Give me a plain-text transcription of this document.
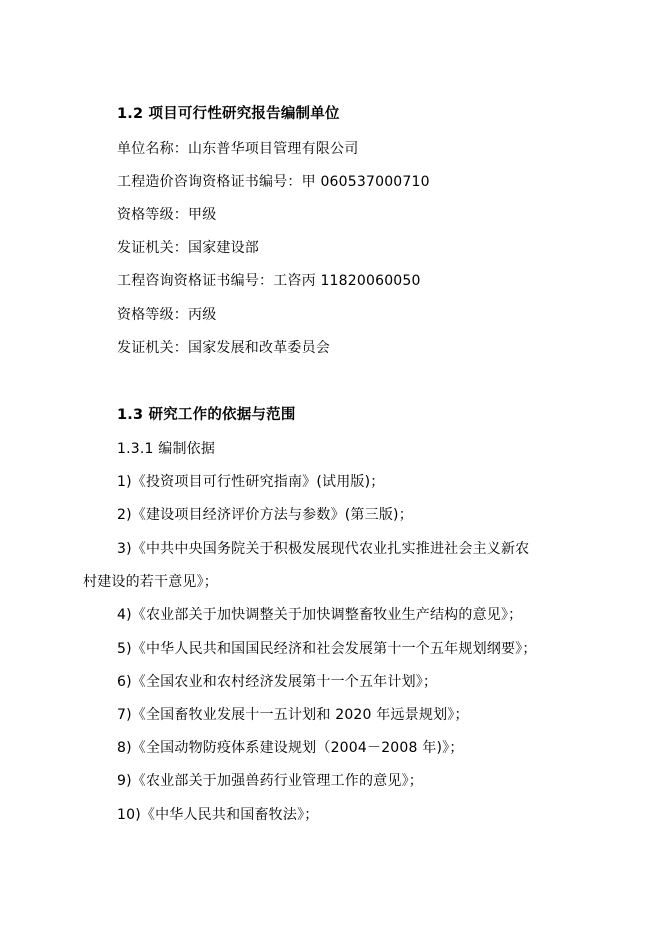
1.2 项目可行性研究报告编制单位
单位名称：山东普华项目管理有限公司
工程造价咨询资格证书编号：甲 060537000710
资格等级：甲级
发证机关：国家建设部
工程咨询资格证书编号：工咨丙 11820060050
资格等级：丙级
发证机关：国家发展和改革委员会
1.3 研究工作的依据与范围
1.3.1 编制依据
1)《投资项目可行性研究指南》(试用版)；
2)《建设项目经济评价方法与参数》(第三版)；
3)《中共中央国务院关于积极发展现代农业扎实推进社会主义新农
村建设的若干意见》；
4)《农业部关于加快调整关于加快调整畜牧业生产结构的意见》；
5)《中华人民共和国国民经济和社会发展第十一个五年规划纲要》；
6)《全国农业和农村经济发展第十一个五年计划》；
7)《全国畜牧业发展十一五计划和 2020 年远景规划》；
8)《全国动物防疫体系建设规划（2004－2008 年)》；
9)《农业部关于加强兽药行业管理工作的意见》；
10)《中华人民共和国畜牧法》；
